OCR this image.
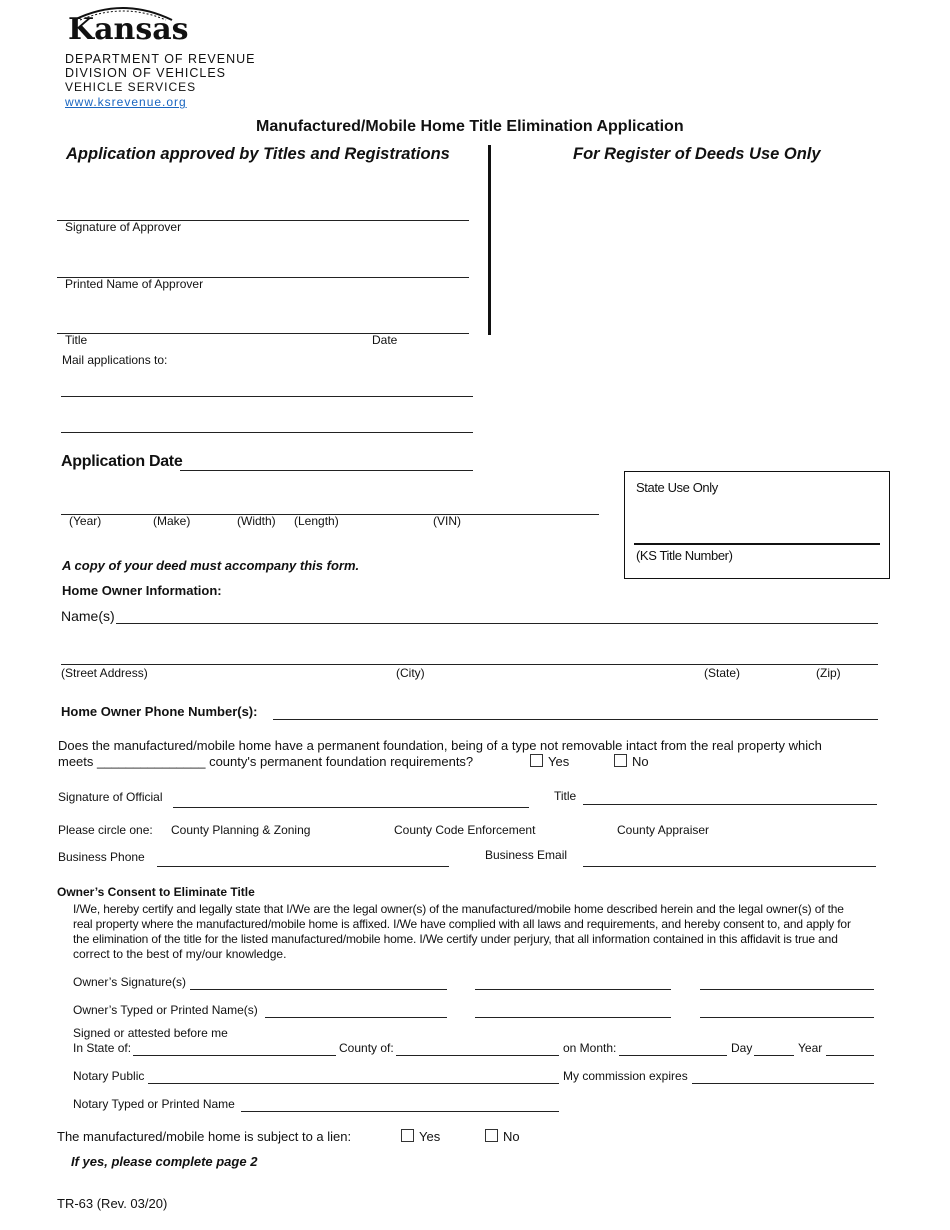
Kansas
DEPARTMENT OF REVENUE
DIVISION OF VEHICLES
VEHICLE SERVICES
www.ksrevenue.org
Manufactured/Mobile Home Title Elimination Application
Application approved by Titles and Registrations	For Register of Deeds Use Only
Signature of Approver
Printed Name of Approver
Title	Date
Mail applications to:
Application Date
State Use Only
(KS Title Number)
(Year)	(Make)	(Width) (Length)	(VIN)
A copy of your deed must accompany this form.
Home Owner Information:
Name(s)
(Street Address)	(City)	(State)	(Zip)
Home Owner Phone Number(s):
Does the manufactured/mobile home have a permanent foundation, being of a type not removable intact from the real property which
meets _______________ county's permanent foundation requirements?	Yes	No
Signature of Official	Title
Please circle one: County Planning & Zoning	County Code Enforcement	County Appraiser
Business Phone	Business Email
Owner’s Consent to Eliminate Title
I/We, hereby certify and legally state that I/We are the legal owner(s) of the manufactured/mobile home described herein and the legal owner(s) of the
real property where the manufactured/mobile home is affixed. I/We have complied with all laws and requirements, and hereby consent to, and apply for
the elimination of the title for the listed manufactured/mobile home. I/We certify under perjury, that all information contained in this affidavit is true and
correct to the best of my/our knowledge.
Owner’s Signature(s)
Owner’s Typed or Printed Name(s)
Signed or attested before me
In State of:	County of:	on Month:	Day	Year
Notary Public	My commission expires
Notary Typed or Printed Name
The manufactured/mobile home is subject to a lien:	Yes	No
If yes, please complete page 2
TR-63 (Rev. 03/20)
